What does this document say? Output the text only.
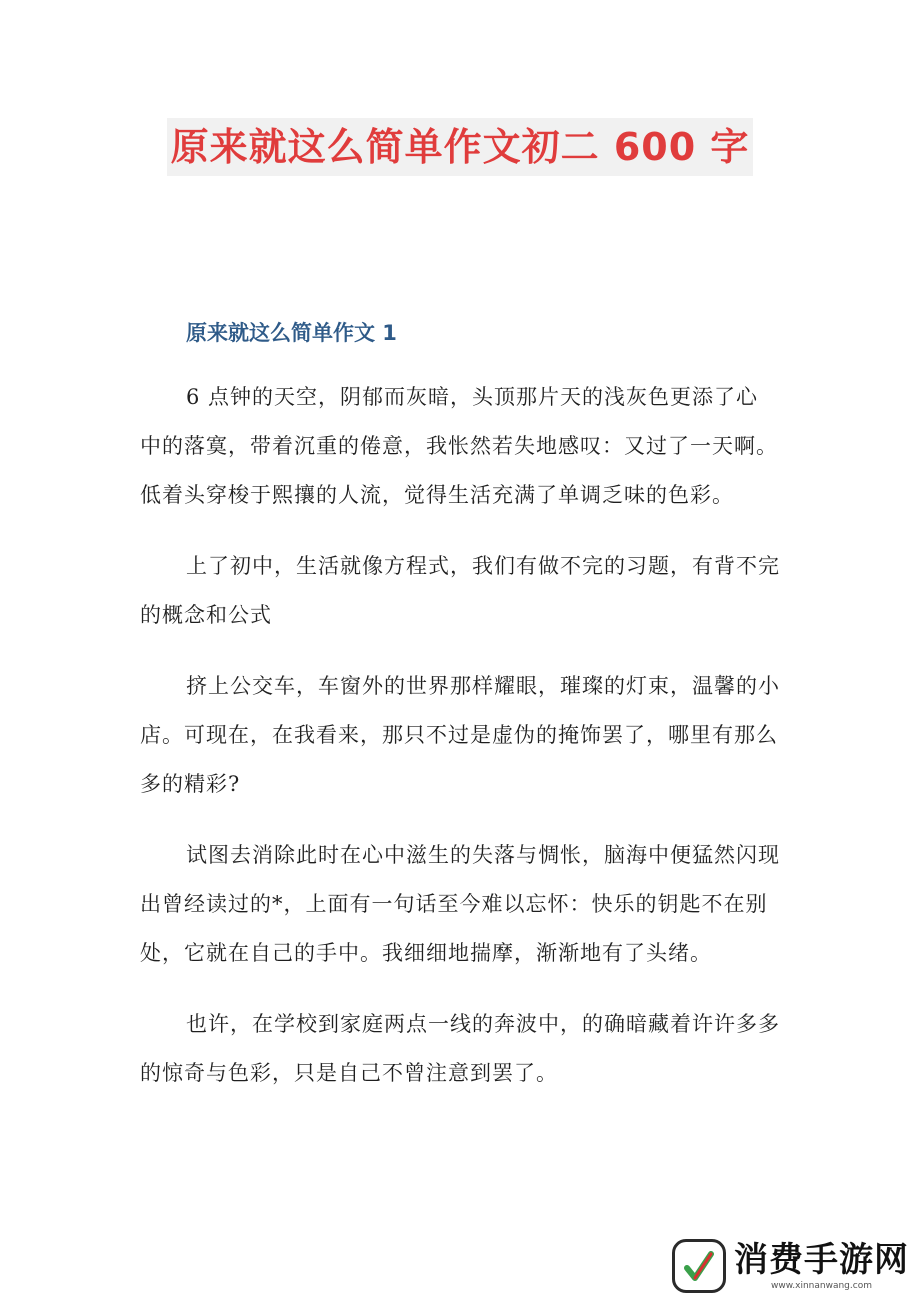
原来就这么简单作文初二 600 字
原来就这么简单作文 1

6 点钟的天空，阴郁而灰暗，头顶那片天的浅灰色更添了心中的落寞，带着沉重的倦意，我怅然若失地感叹：又过了一天啊。低着头穿梭于熙攘的人流，觉得生活充满了单调乏味的色彩。

上了初中，生活就像方程式，我们有做不完的习题，有背不完的概念和公式

挤上公交车，车窗外的世界那样耀眼，璀璨的灯束，温馨的小店。可现在，在我看来，那只不过是虚伪的掩饰罢了，哪里有那么多的精彩?

试图去消除此时在心中滋生的失落与惆怅，脑海中便猛然闪现出曾经读过的*，上面有一句话至今难以忘怀：快乐的钥匙不在别处，它就在自己的手中。我细细地揣摩，渐渐地有了头绪。

也许，在学校到家庭两点一线的奔波中，的确暗藏着许许多多的惊奇与色彩，只是自己不曾注意到罢了。

消费手游网
www.xinnanwang.com
